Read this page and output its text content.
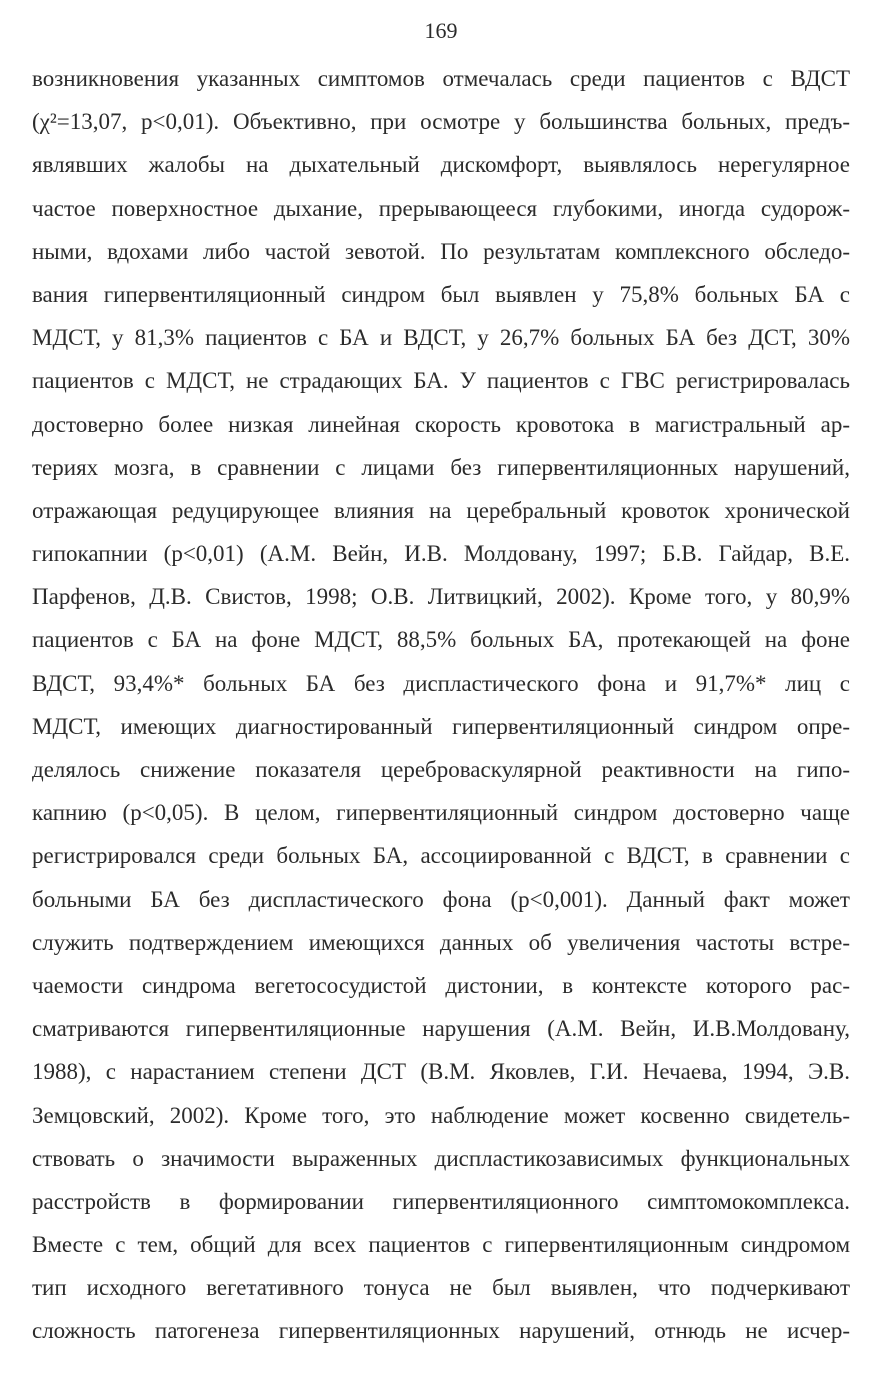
169
возникновения указанных симптомов отмечалась среди пациентов с ВДСТ
(χ²=13,07, p<0,01). Объективно, при осмотре у большинства больных, предъ-
являвших жалобы на дыхательный дискомфорт, выявлялось нерегулярное
частое поверхностное дыхание, прерывающееся глубокими, иногда судорож-
ными, вдохами либо частой зевотой. По результатам комплексного обследо-
вания гипервентиляционный синдром был выявлен у 75,8% больных БА с
МДСТ, у 81,3% пациентов с БА и ВДСТ, у 26,7% больных БА без ДСТ, 30%
пациентов с МДСТ, не страдающих БА. У пациентов с ГВС регистрировалась
достоверно более низкая линейная скорость кровотока в магистральный ар-
териях мозга, в сравнении с лицами без гипервентиляционных нарушений,
отражающая редуцирующее влияния на церебральный кровоток хронической
гипокапнии (p<0,01) (А.М. Вейн, И.В. Молдовану, 1997; Б.В. Гайдар, В.Е.
Парфенов, Д.В. Свистов, 1998; О.В. Литвицкий, 2002). Кроме того, у 80,9%
пациентов с БА на фоне МДСТ, 88,5% больных БА, протекающей на фоне
ВДСТ, 93,4%* больных БА без диспластического фона и 91,7%* лиц с
МДСТ, имеющих диагностированный гипервентиляционный синдром опре-
делялось снижение показателя цереброваскулярной реактивности на гипо-
капнию (p<0,05). В целом, гипервентиляционный синдром достоверно чаще
регистрировался среди больных БА, ассоциированной с ВДСТ, в сравнении с
больными БА без диспластического фона (p<0,001). Данный факт может
служить подтверждением имеющихся данных об увеличения частоты встре-
чаемости синдрома вегетососудистой дистонии, в контексте которого рас-
сматриваются гипервентиляционные нарушения (А.М. Вейн, И.В.Молдовану,
1988), с нарастанием степени ДСТ (В.М. Яковлев, Г.И. Нечаева, 1994, Э.В.
Земцовский, 2002). Кроме того, это наблюдение может косвенно свидетель-
ствовать о значимости выраженных диспластикозависимых функциональных
расстройств в формировании гипервентиляционного симптомокомплекса.
Вместе с тем, общий для всех пациентов с гипервентиляционным синдромом
тип исходного вегетативного тонуса не был выявлен, что подчеркивают
сложность патогенеза гипервентиляционных нарушений, отнюдь не исчер-
